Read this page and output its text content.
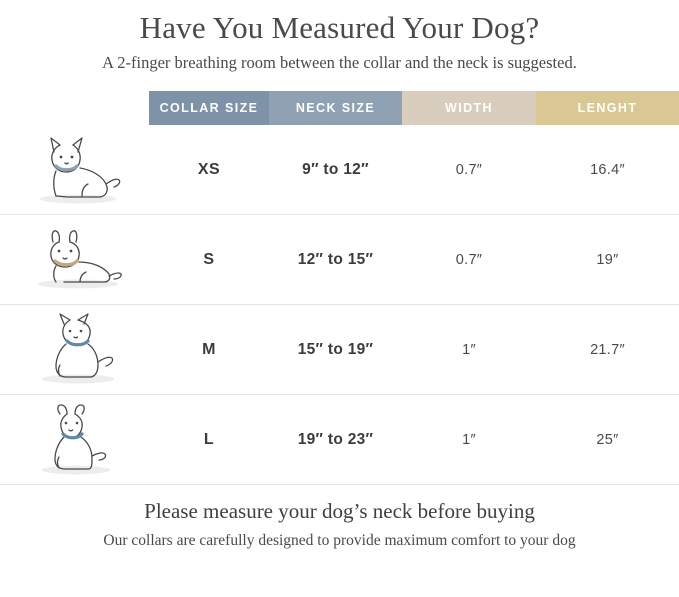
Have You Measured Your Dog?

A 2-finger breathing room between the collar and the neck is suggested.

	COLLAR SIZE	NECK SIZE	WIDTH	LENGHT

	XS	9″ to 12″	0.7″	16.4″

	S	12″ to 15″	0.7″	19″

	M	15″ to 19″	1″	21.7″

	L	19″ to 23″	1″	25″
Please measure your dog’s neck before buying
Our collars are carefully designed to provide maximum comfort to your dog
